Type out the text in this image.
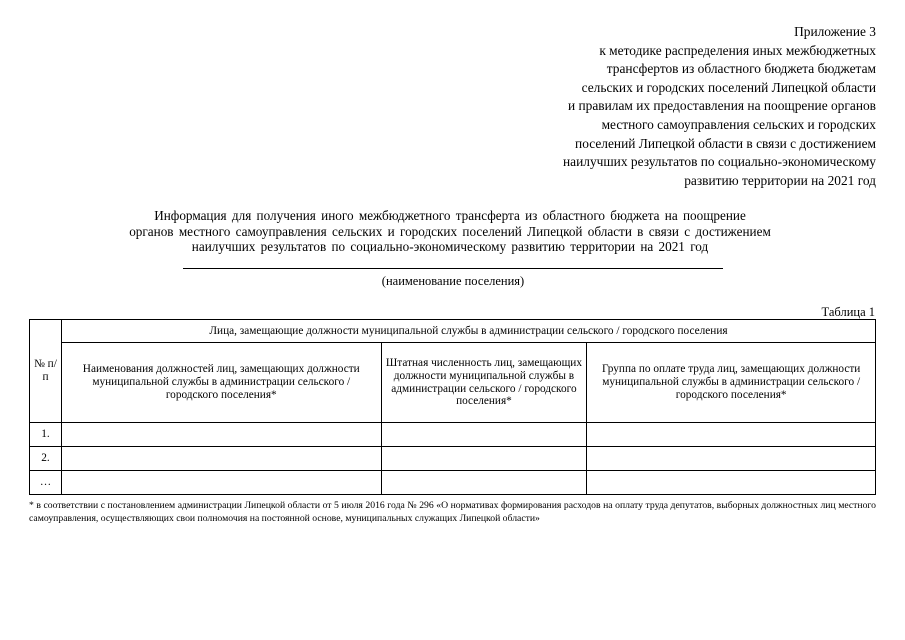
Приложение 3
к методике распределения иных межбюджетных
трансфертов из областного бюджета бюджетам
сельских и городских поселений Липецкой области
и правилам их предоставления на поощрение органов
местного самоуправления сельских и городских
поселений Липецкой области в связи с достижением
наилучших результатов по социально-экономическому
развитию территории на 2021 год
Информация для получения иного межбюджетного трансферта из областного бюджета на поощрение
органов местного самоуправления сельских и городских поселений Липецкой области в связи с достижением
наилучших результатов по социально-экономическому развитию территории на 2021 год
(наименование поселения)
Таблица 1
№ п/п	Лица, замещающие должности муниципальной службы в администрации сельского / городского поселения		
	Наименования должностей лиц, замещающих должности муниципальной службы в администрации сельского / городского поселения*	Штатная численность лиц, замещающих должности муниципальной службы в администрации сельского / городского поселения*	Группа по оплате труда лиц, замещающих должности муниципальной службы в администрации сельского / городского поселения*
1.			
2.			
…			
* в соответствии с постановлением администрации Липецкой области от 5 июля 2016 года № 296 «О нормативах формирования расходов на оплату труда депутатов, выборных должностных лиц местного самоуправления, осуществляющих свои полномочия на постоянной основе, муниципальных служащих Липецкой области»
